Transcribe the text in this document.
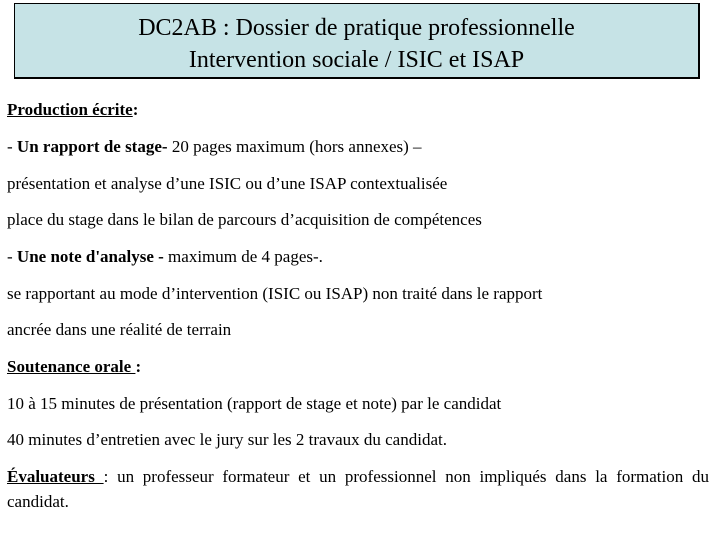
DC2AB : Dossier de pratique professionnelle
Intervention sociale / ISIC et ISAP
Production écrite:
- Un rapport de stage- 20 pages maximum (hors annexes) –
présentation et analyse d’une ISIC ou d’une ISAP contextualisée
place du stage dans le bilan de parcours d’acquisition de compétences
- Une note d'analyse - maximum de 4 pages-.
se rapportant au mode d’intervention (ISIC ou ISAP) non traité dans le rapport
ancrée dans une réalité de terrain
Soutenance orale :
10 à 15 minutes de présentation (rapport de stage et note) par le candidat
40 minutes d’entretien avec le jury sur les 2 travaux du candidat.
Évaluateurs : un professeur formateur et un professionnel non impliqués dans la formation du candidat.
